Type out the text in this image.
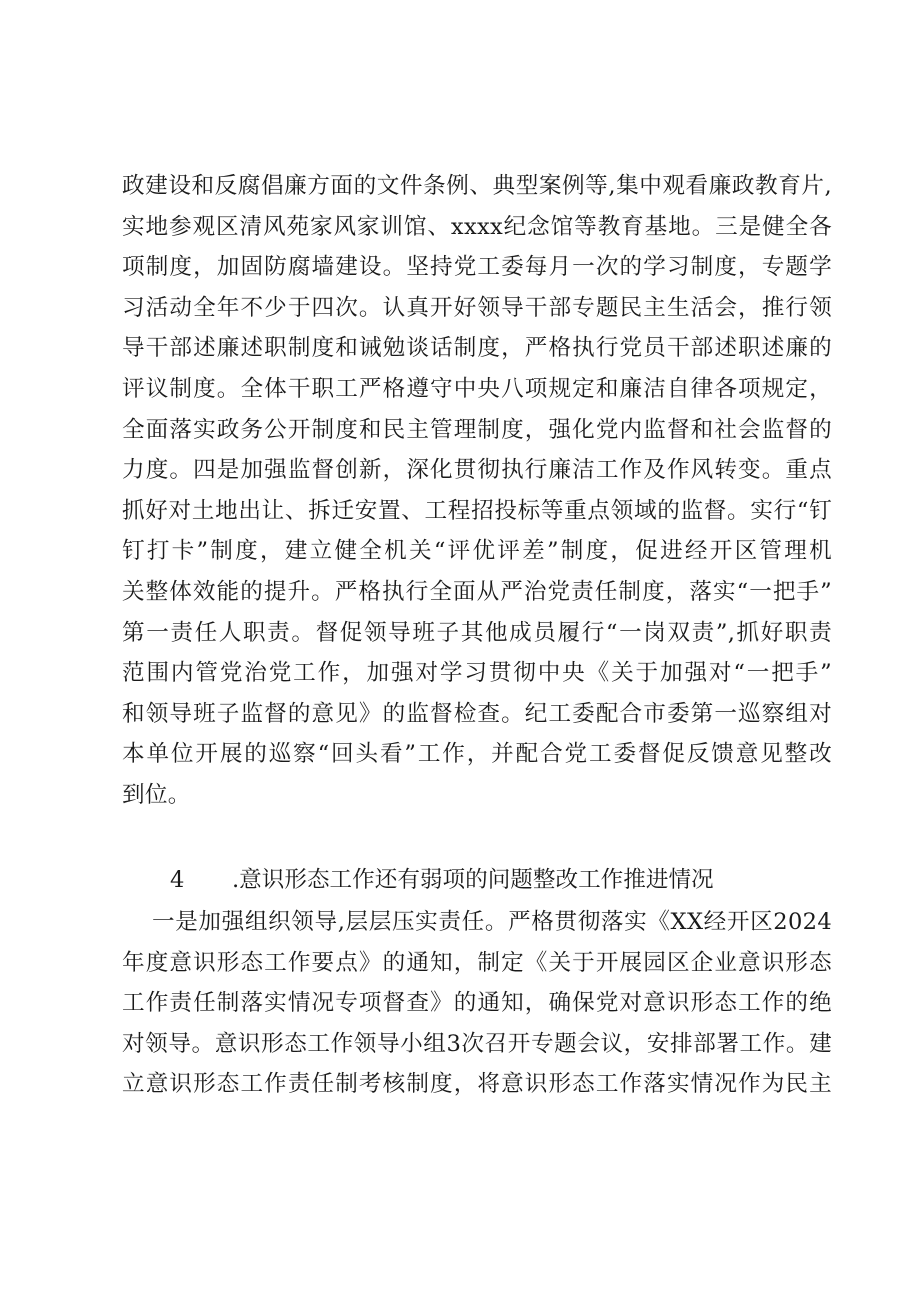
政建设和反腐倡廉方面的文件条例、典型案例等,集中观看廉政教育片,
实地参观区清风苑家风家训馆、xxxx纪念馆等教育基地。三是健全各
项制度，加固防腐墙建设。坚持党工委每月一次的学习制度，专题学
习活动全年不少于四次。认真开好领导干部专题民主生活会，推行领
导干部述廉述职制度和诫勉谈话制度，严格执行党员干部述职述廉的
评议制度。全体干职工严格遵守中央八项规定和廉洁自律各项规定，
全面落实政务公开制度和民主管理制度，强化党内监督和社会监督的
力度。四是加强监督创新，深化贯彻执行廉洁工作及作风转变。重点
抓好对土地出让、拆迁安置、工程招投标等重点领域的监督。实行“钉
钉打卡”制度，建立健全机关“评优评差”制度，促进经开区管理机
关整体效能的提升。严格执行全面从严治党责任制度，落实“一把手”
第一责任人职责。督促领导班子其他成员履行“一岗双责”,抓好职责
范围内管党治党工作，加强对学习贯彻中央《关于加强对“一把手”
和领导班子监督的意见》的监督检查。纪工委配合市委第一巡察组对
本单位开展的巡察“回头看”工作，并配合党工委督促反馈意见整改
到位。
4 .意识形态工作还有弱项的问题整改工作推进情况
一是加强组织领导,层层压实责任。严格贯彻落实《XX经开区2024
年度意识形态工作要点》的通知，制定《关于开展园区企业意识形态
工作责任制落实情况专项督查》的通知，确保党对意识形态工作的绝
对领导。意识形态工作领导小组3次召开专题会议，安排部署工作。建
立意识形态工作责任制考核制度，将意识形态工作落实情况作为民主
